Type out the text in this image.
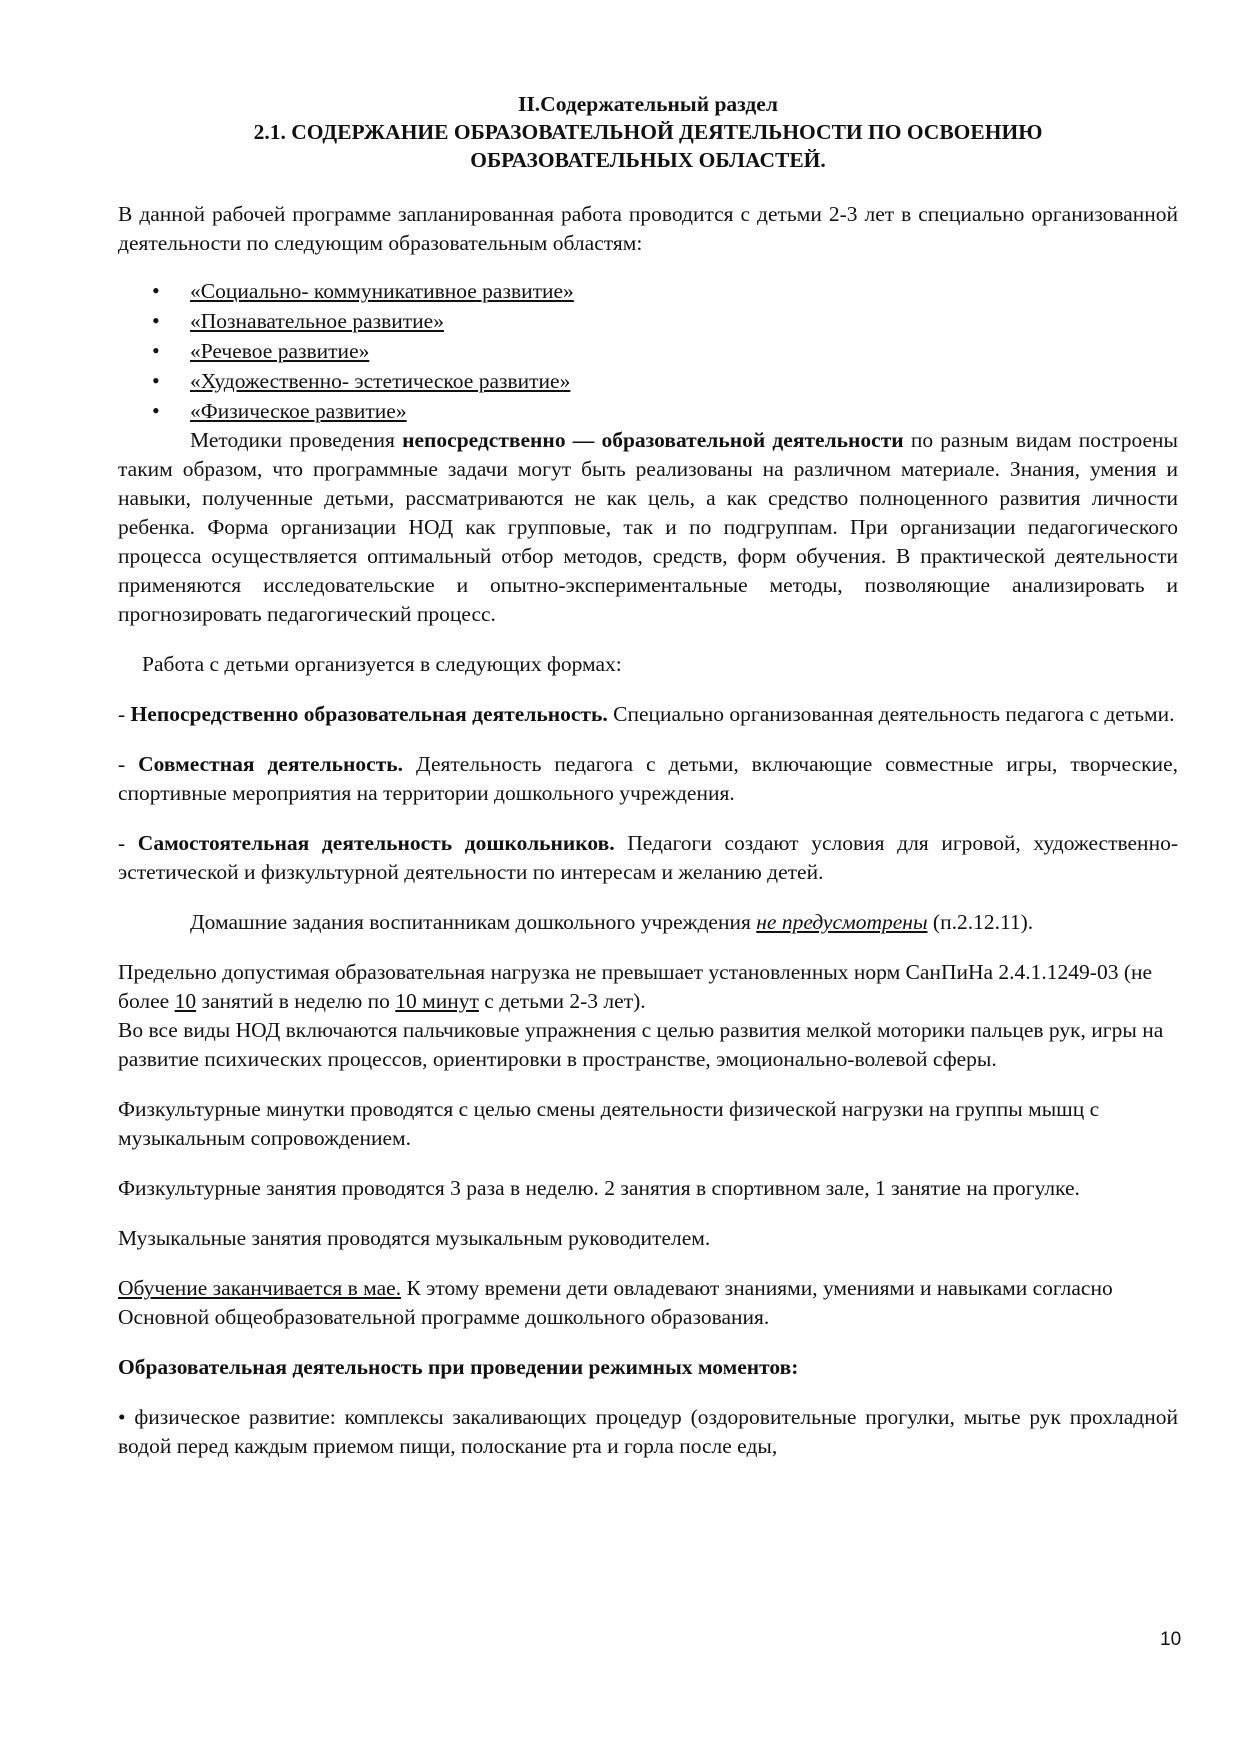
II.Содержательный раздел
2.1. СОДЕРЖАНИЕ ОБРАЗОВАТЕЛЬНОЙ ДЕЯТЕЛЬНОСТИ ПО ОСВОЕНИЮ
ОБРАЗОВАТЕЛЬНЫХ ОБЛАСТЕЙ.

В данной рабочей программе запланированная работа проводится с детьми 2-3 лет в специально организованной деятельности по следующим образовательным областям:

• «Социально- коммуникативное развитие»
• «Познавательное развитие»
• «Речевое развитие»
• «Художественно- эстетическое развитие»
• «Физическое развитие»

Методики проведения непосредственно — образовательной деятельности по разным видам построены таким образом, что программные задачи могут быть реализованы на различном материале. Знания, умения и навыки, полученные детьми, рассматриваются не как цель, а как средство полноценного развития личности ребенка. Форма организации НОД как групповые, так и по подгруппам. При организации педагогического процесса осуществляется оптимальный отбор методов, средств, форм обучения. В практической деятельности применяются исследовательские и опытно-экспериментальные методы, позволяющие анализировать и прогнозировать педагогический процесс.

Работа с детьми организуется в следующих формах:

- Непосредственно образовательная деятельность. Специально организованная деятельность педагога с детьми.

- Совместная деятельность. Деятельность педагога с детьми, включающие совместные игры, творческие, спортивные мероприятия на территории дошкольного учреждения.

- Самостоятельная деятельность дошкольников. Педагоги создают условия для игровой, художественно-эстетической и физкультурной деятельности по интересам и желанию детей.

Домашние задания воспитанникам дошкольного учреждения не предусмотрены (п.2.12.11).

Предельно допустимая образовательная нагрузка не превышает установленных норм СанПиНа 2.4.1.1249-03 (не более 10 занятий в неделю по 10 минут с детьми 2-3 лет).

Во все виды НОД включаются пальчиковые упражнения с целью развития мелкой моторики пальцев рук, игры на развитие психических процессов, ориентировки в пространстве, эмоционально-волевой сферы.

Физкультурные минутки проводятся с целью смены деятельности физической нагрузки на группы мышц с музыкальным сопровождением.

Физкультурные занятия проводятся 3 раза в неделю. 2 занятия в спортивном зале, 1 занятие на прогулке.

Музыкальные занятия проводятся музыкальным руководителем.

Обучение заканчивается в мае. К этому времени дети овладевают знаниями, умениями и навыками согласно Основной общеобразовательной программе дошкольного образования.

Образовательная деятельность при проведении режимных моментов:

• физическое развитие: комплексы закаливающих процедур (оздоровительные прогулки, мытье рук прохладной водой перед каждым приемом пищи, полоскание рта и горла после еды,

10
